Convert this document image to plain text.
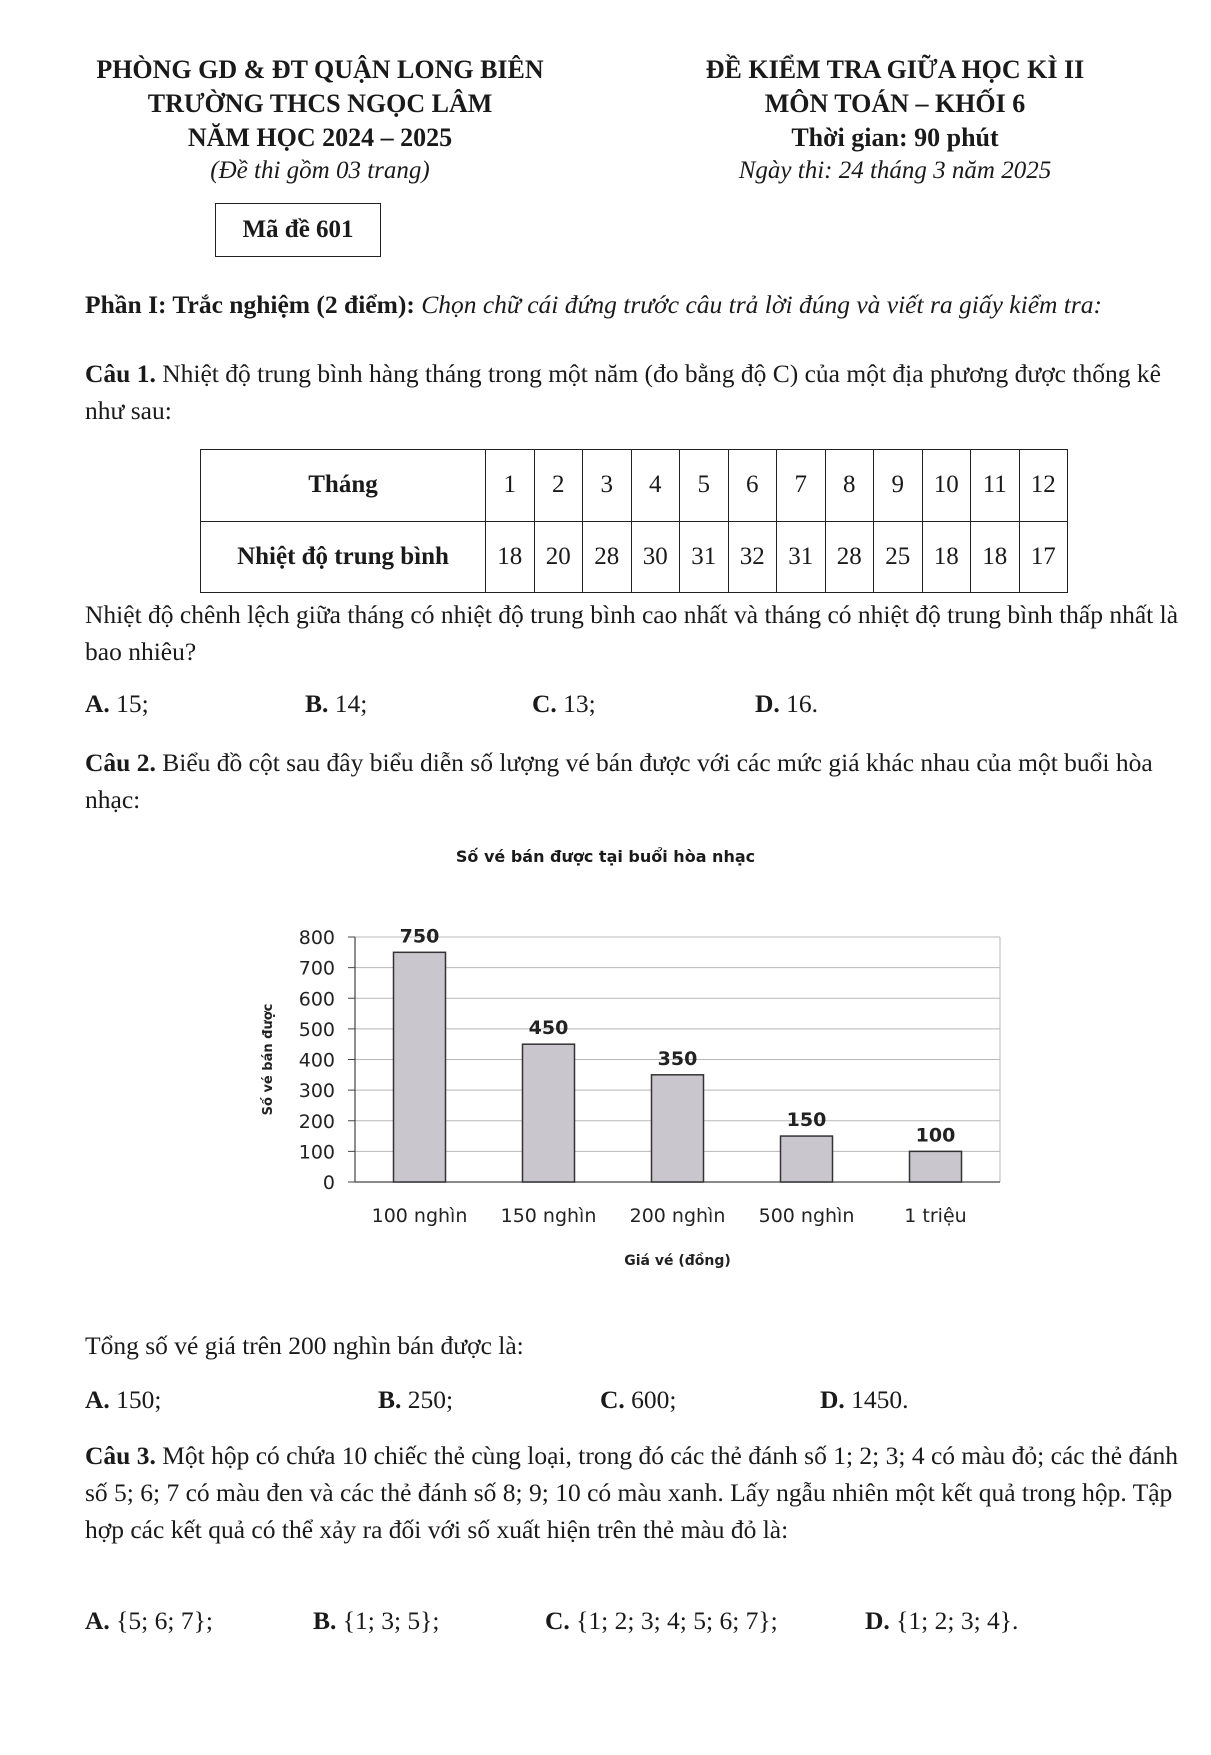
PHÒNG GD & ĐT QUẬN LONG BIÊN
TRƯỜNG THCS NGỌC LÂM
NĂM HỌC 2024 – 2025
(Đề thi gồm 03 trang)
ĐỀ KIỂM TRA GIỮA HỌC KÌ II
MÔN TOÁN – KHỐI 6
Thời gian: 90 phút
Ngày thi: 24 tháng 3 năm 2025
Mã đề 601
Phần I: Trắc nghiệm (2 điểm): Chọn chữ cái đứng trước câu trả lời đúng và viết ra giấy kiểm tra:
Câu 1. Nhiệt độ trung bình hàng tháng trong một năm (đo bằng độ C) của một địa phương được thống kê như sau:
Tháng	1	2	3	4	5	6	7	8	9	10	11	12
Nhiệt độ trung bình	18	20	28	30	31	32	31	28	25	18	18	17
Nhiệt độ chênh lệch giữa tháng có nhiệt độ trung bình cao nhất và tháng có nhiệt độ trung bình thấp nhất là bao nhiêu?
A. 15;	B. 14;	C. 13;	D. 16.
Câu 2. Biểu đồ cột sau đây biểu diễn số lượng vé bán được với các mức giá khác nhau của một buổi hòa nhạc:
Số vé bán được tại buổi hòa nhạc
0
100
200
300
400
500
600
700
800	750
100 nghìn
450
150 nghìn
350
200 nghìn
150
500 nghìn
100
1 triệu
Giá vé (đồng)
Số vé bán được
Tổng số vé giá trên 200 nghìn bán được là:
A. 150;	B. 250;	C. 600;	D. 1450.
Câu 3. Một hộp có chứa 10 chiếc thẻ cùng loại, trong đó các thẻ đánh số 1; 2; 3; 4 có màu đỏ; các thẻ đánh số 5; 6; 7 có màu đen và các thẻ đánh số 8; 9; 10 có màu xanh. Lấy ngẫu nhiên một kết quả trong hộp. Tập hợp các kết quả có thể xảy ra đối với số xuất hiện trên thẻ màu đỏ là:
A. {5; 6; 7};	B. {1; 3; 5};	C. {1; 2; 3; 4; 5; 6; 7};	D. {1; 2; 3; 4}.
